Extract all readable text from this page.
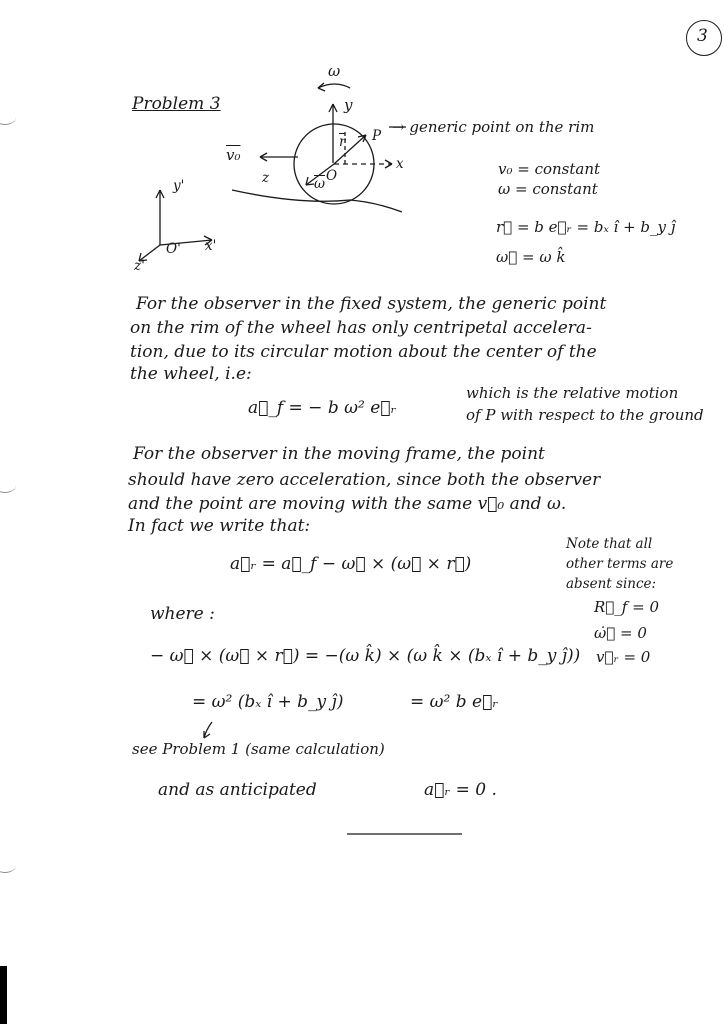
3
Problem 3
ω
y
P
$\overline{r}$
x
O
$\overline{\omega}$
z
v₀
y'
x'
z'
O'
→ generic point on the rim
v₀ = constant
ω = constant
r⃗ = b e⃗ᵣ = bₓ î + b_y ĵ
ω⃗ = ω k̂
For the observer in the fixed system, the generic point
on the rim of the wheel has only centripetal accelera-
tion, due to its circular motion about the center of the
the wheel, i.e:
a⃗_f = − b ω² e⃗ᵣ
which is the relative motion
of P with respect to the ground
For the observer in the moving frame, the point
should have zero acceleration, since both the observer
and the point are moving with the same v⃗₀ and ω.
In fact we write that:
a⃗ᵣ = a⃗_f − ω⃗ × (ω⃗ × r⃗)
Note that all
other terms are
absent since:
R⃗_f = 0
ω̇⃗ = 0
v⃗ᵣ = 0
where :
− ω⃗ × (ω⃗ × r⃗) = −(ω k̂) × (ω k̂ × (bₓ î + b_y ĵ))
= ω² (bₓ î + b_y ĵ)	= ω² b e⃗ᵣ
see Problem 1 (same calculation)
and as anticipated	a⃗ᵣ = 0 .
